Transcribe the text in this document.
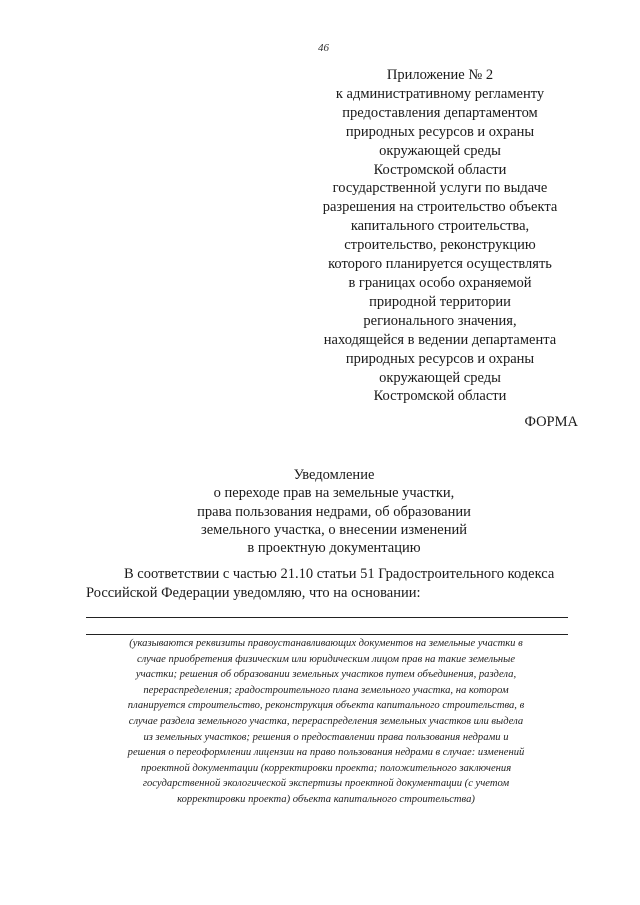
46
Приложение № 2
к административному регламенту
предоставления департаментом
природных ресурсов и охраны
окружающей среды
Костромской области
государственной услуги по выдаче
разрешения на строительство объекта
капитального строительства,
строительство, реконструкцию
которого планируется осуществлять
в границах особо охраняемой
природной территории
регионального значения,
находящейся в ведении департамента
природных ресурсов и охраны
окружающей среды
Костромской области
ФОРМА
Уведомление
о переходе прав на земельные участки,
права пользования недрами, об образовании
земельного участка, о внесении изменений
в проектную документацию
В соответствии с частью 21.10 статьи 51 Градостроительного кодекса
Российской Федерации уведомляю, что на основании:
(указываются реквизиты правоустанавливающих документов на земельные участки в
случае приобретения физическим или юридическим лицом прав на такие земельные
участки; решения об образовании земельных участков путем объединения, раздела,
перераспределения; градостроительного плана земельного участка, на котором
планируется строительство, реконструкция объекта капитального строительства, в
случае раздела земельного участка, перераспределения земельных участков или выдела
из земельных участков; решения о предоставлении права пользования недрами и
решения о переоформлении лицензии на право пользования недрами в случае: изменений
проектной документации (корректировки проекта; положительного заключения
государственной экологической экспертизы проектной документации (с учетом
корректировки проекта) объекта капитального строительства)
